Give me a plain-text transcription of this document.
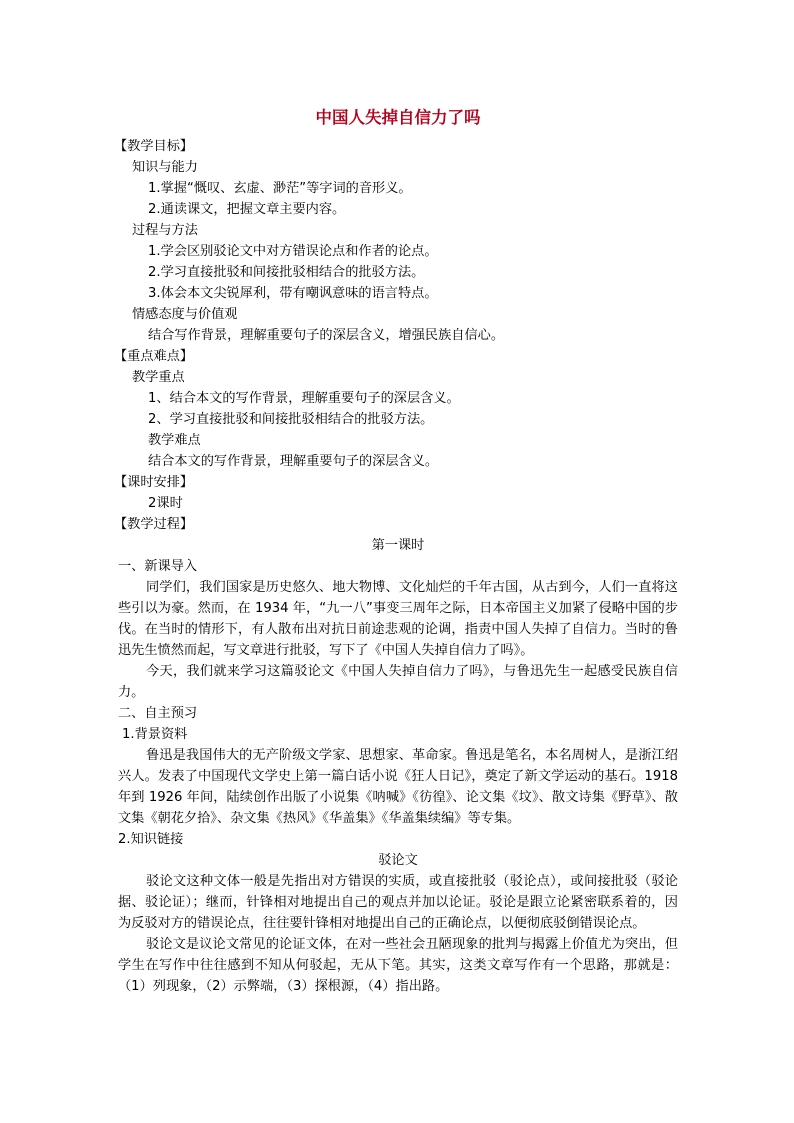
中国人失掉自信力了吗
【教学目标】
知识与能力
1.掌握“慨叹、玄虚、渺茫”等字词的音形义。
2.通读课文，把握文章主要内容。
过程与方法
1.学会区别驳论文中对方错误论点和作者的论点。
2.学习直接批驳和间接批驳相结合的批驳方法。
3.体会本文尖锐犀利，带有嘲讽意味的语言特点。
情感态度与价值观
结合写作背景，理解重要句子的深层含义，增强民族自信心。
【重点难点】
教学重点
1、结合本文的写作背景，理解重要句子的深层含义。
2、学习直接批驳和间接批驳相结合的批驳方法。
教学难点
结合本文的写作背景，理解重要句子的深层含义。
【课时安排】
2课时
【教学过程】
第一课时
一、新课导入
同学们，我们国家是历史悠久、地大物博、文化灿烂的千年古国，从古到今，人们一直将这些引以为豪。然而，在 1934 年，“九一八”事变三周年之际，日本帝国主义加紧了侵略中国的步伐。在当时的情形下，有人散布出对抗日前途悲观的论调，指责中国人失掉了自信力。当时的鲁迅先生愤然而起，写文章进行批驳，写下了《中国人失掉自信力了吗》。
今天，我们就来学习这篇驳论文《中国人失掉自信力了吗》，与鲁迅先生一起感受民族自信力。
二、自主预习
1.背景资料
鲁迅是我国伟大的无产阶级文学家、思想家、革命家。鲁迅是笔名，本名周树人，是浙江绍兴人。发表了中国现代文学史上第一篇白话小说《狂人日记》，奠定了新文学运动的基石。1918 年到 1926 年间，陆续创作出版了小说集《呐喊》《彷徨》、论文集《坟》、散文诗集《野草》、散文集《朝花夕拾》、杂文集《热风》《华盖集》《华盖集续编》等专集。
2.知识链接
驳论文
驳论文这种文体一般是先指出对方错误的实质，或直接批驳（驳论点），或间接批驳（驳论据、驳论证）；继而，针锋相对地提出自己的观点并加以论证。驳论是跟立论紧密联系着的，因为反驳对方的错误论点，往往要针锋相对地提出自己的正确论点，以便彻底驳倒错误论点。
驳论文是议论文常见的论证文体，在对一些社会丑陋现象的批判与揭露上价值尤为突出，但学生在写作中往往感到不知从何驳起，无从下笔。其实，这类文章写作有一个思路，那就是：（1）列现象，（2）示弊端，（3）探根源，（4）指出路。
